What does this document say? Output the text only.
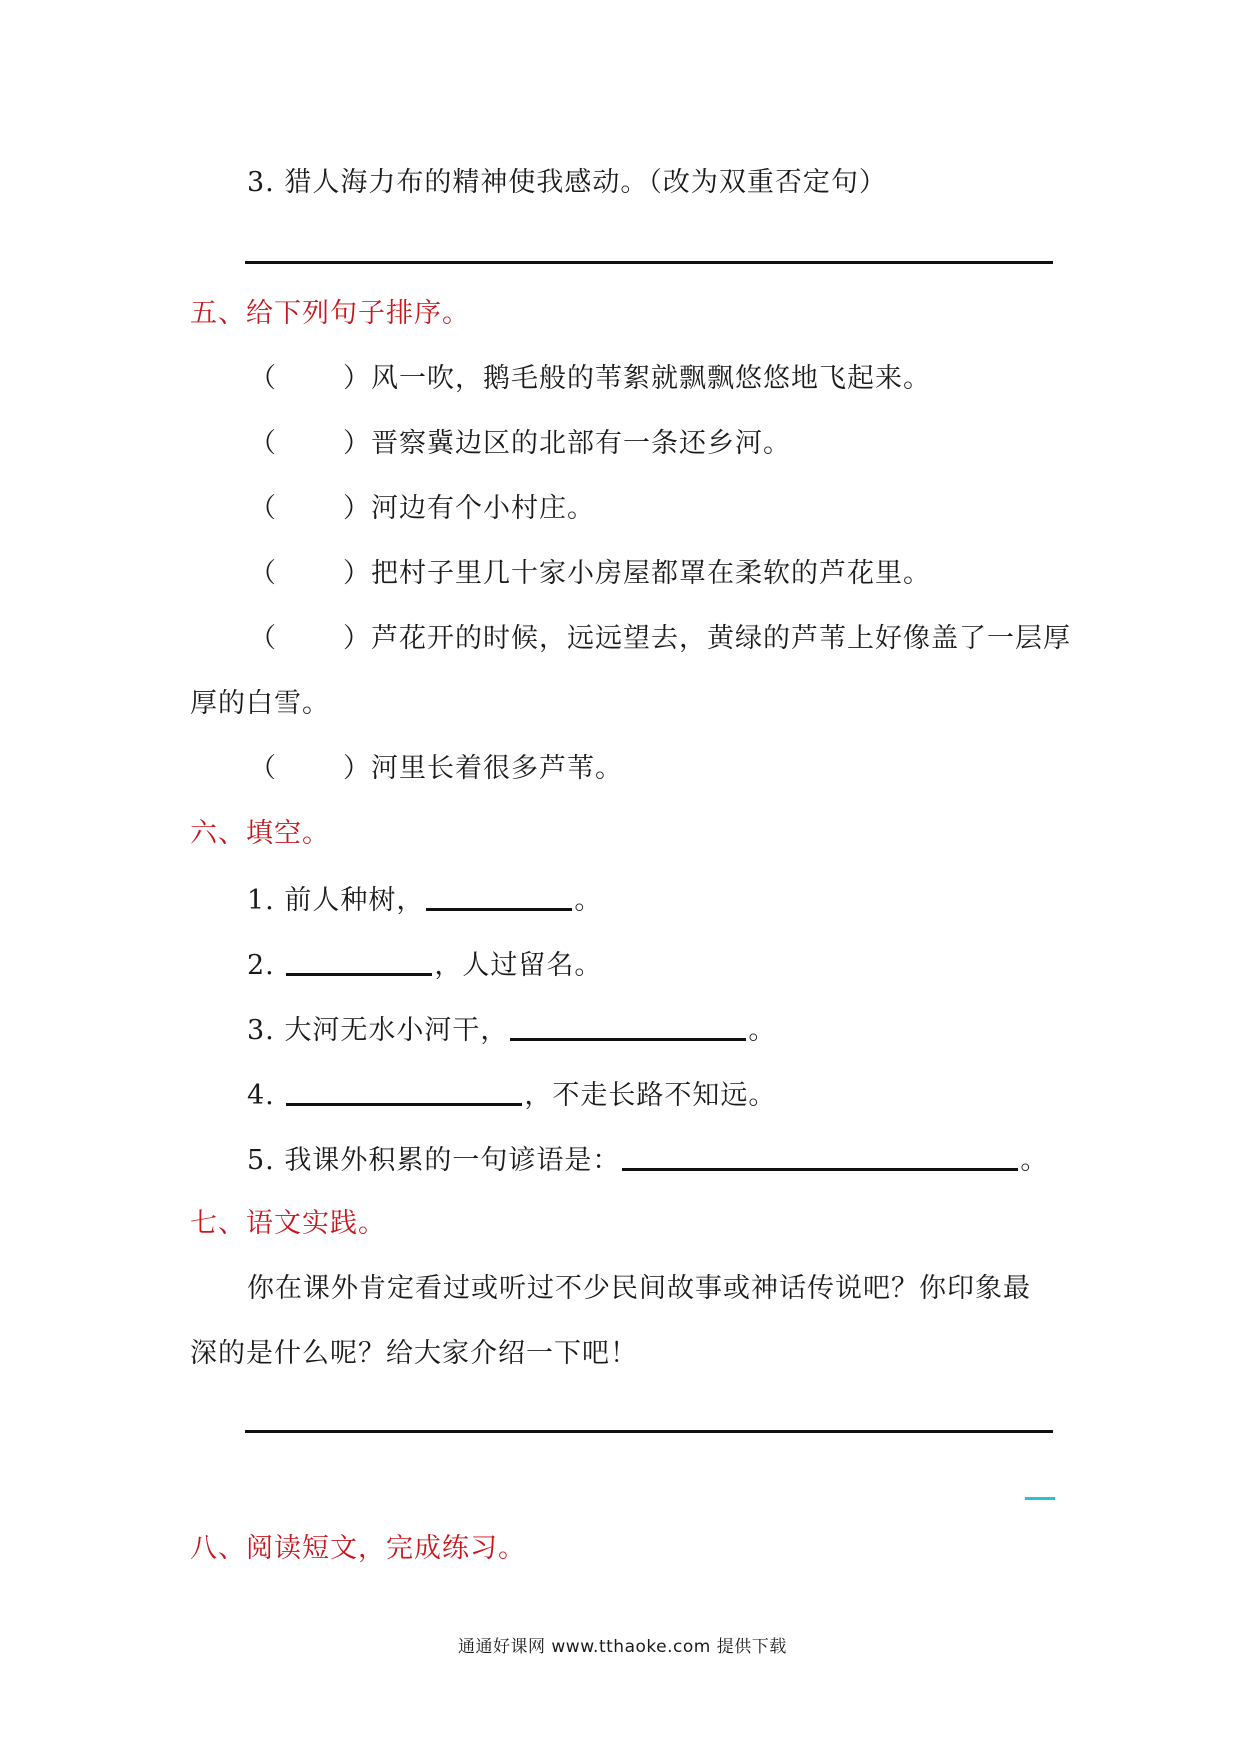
3. 猎人海力布的精神使我感动。（改为双重否定句）
五、给下列句子排序。
（ ）风一吹，鹅毛般的苇絮就飘飘悠悠地飞起来。
（ ）晋察冀边区的北部有一条还乡河。
（ ）河边有个小村庄。
（ ）把村子里几十家小房屋都罩在柔软的芦花里。
（ ）芦花开的时候，远远望去，黄绿的芦苇上好像盖了一层厚
厚的白雪。
（ ）河里长着很多芦苇。
六、填空。
1. 前人种树，	。
2.	，人过留名。
3. 大河无水小河干，	。
4.	，不走长路不知远。
5. 我课外积累的一句谚语是：	。
七、语文实践。
你在课外肯定看过或听过不少民间故事或神话传说吧？你印象最
深的是什么呢？给大家介绍一下吧！
八、阅读短文，完成练习。
通通好课网 www.tthaoke.com 提供下载
